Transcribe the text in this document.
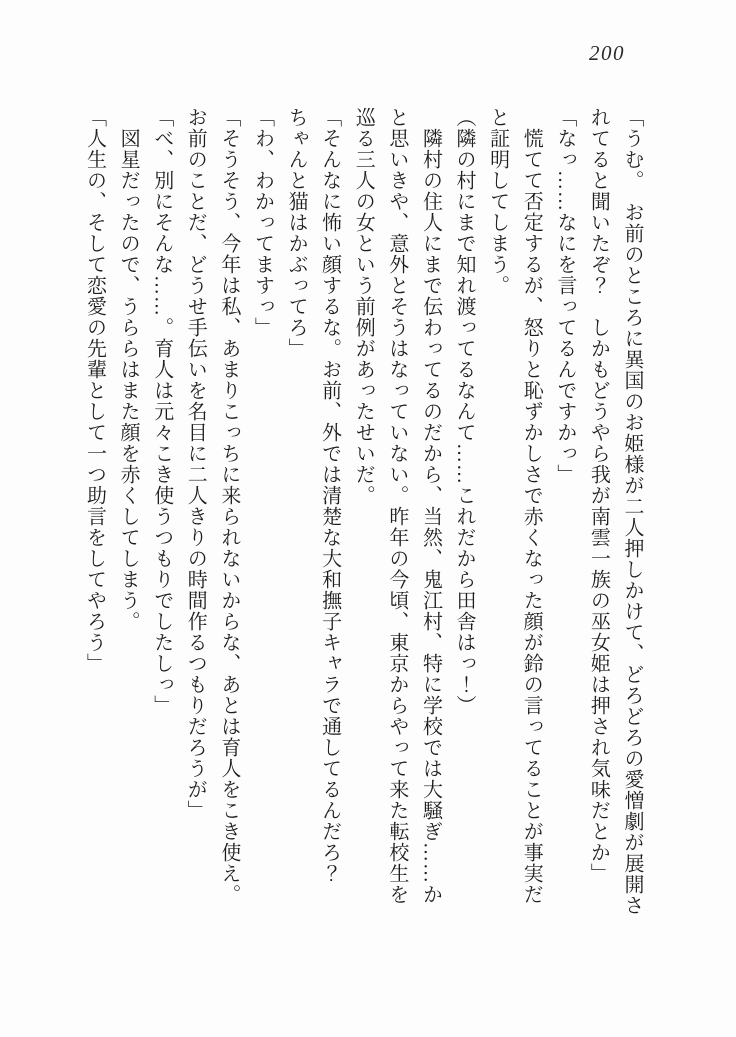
200
「うむ。　お前のところに異国のお姫様が二人押しかけて、どろどろの愛憎劇が展開さ
れてると聞いたぞ？　しかもどうやら我が南雲一族の巫女姫は押され気味だとか」
「なっ……なにを言ってるんですかっ」
慌てて否定するが、怒りと恥ずかしさで赤くなった顔が鈴の言ってることが事実だ
と証明してしまう。
（隣の村にまで知れ渡ってるなんて……これだから田舎はっ！）
隣村の住人にまで伝わってるのだから、当然、鬼江村、特に学校では大騒ぎ……か
と思いきや、意外とそうはなっていない。昨年の今頃、東京からやって来た転校生を
巡る三人の女という前例があったせいだ。
「そんなに怖い顔するな。お前、外では清楚な大和撫子キャラで通してるんだろ？
ちゃんと猫はかぶってろ」
「わ、わかってますっ」
「そうそう、今年は私、あまりこっちに来られないからな、あとは育人をこき使え。
お前のことだ、どうせ手伝いを名目に二人きりの時間作るつもりだろうが」
「べ、別にそんな……。育人は元々こき使うつもりでしたしっ」
図星だったので、うららはまた顔を赤くしてしまう。
「人生の、そして恋愛の先輩として一つ助言をしてやろう」
